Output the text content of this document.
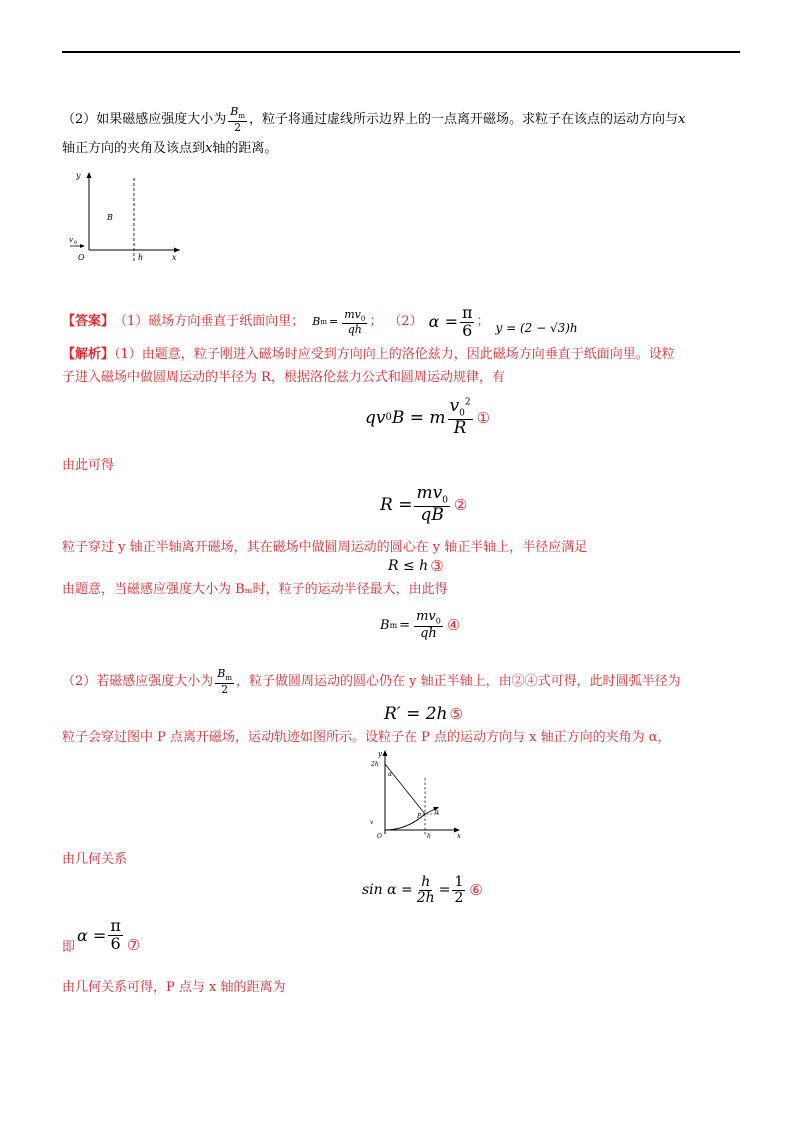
（2）如果磁感应强度大小为 $\frac{B_m}{2}$ ，粒子将通过虚线所示边界上的一点离开磁场。求粒子在该点的运动方向与x
轴正方向的夹角及该点到x轴的距离。
y
x
B
O	h
v 0
【答案】 （1）磁场方向垂直于纸面向里； B $m = \frac{mv_0}{qh}$ ； （2） $\alpha = \frac{\pi}{6}$ ； y = (2 − √3)h
【解析】（1）由题意，粒子刚进入磁场时应受到方向向上的洛伦兹力，因此磁场方向垂直于纸面向里。设粒
子进入磁场中做圆周运动的半径为 R，根据洛伦兹力公式和圆周运动规律，有
qv 0 B = m $\frac{v_0^2}{R}$ ①
由此可得
$R = \frac{mv_0}{qB}$ ②
粒子穿过 y 轴正半轴离开磁场，其在磁场中做圆周运动的圆心在 y 轴正半轴上，半径应满足
R ≤ h ③
由题意，当磁感应强度大小为 Bₘ时，粒子的运动半径最大，由此得
B $m = \frac{mv_0}{qh}$ ④
（2）若磁感应强度大小为 $\frac{B_m}{2}$ ，粒子做圆周运动的圆心仍在 y 轴正半轴上，由②④式可得，此时圆弧半径为
R′ = 2h ⑤
粒子会穿过图中 P 点离开磁场，运动轨迹如图所示。设粒子在 P 点的运动方向与 x 轴正方向的夹角为 α，
y
x
2h
α
P
α
O	h
v
由几何关系
$\sin \alpha = \frac{h}{2h} = \frac{1}{2}$ ⑥
即
$\alpha = \frac{\pi}{6}$ ⑦
由几何关系可得，P 点与 x 轴的距离为
